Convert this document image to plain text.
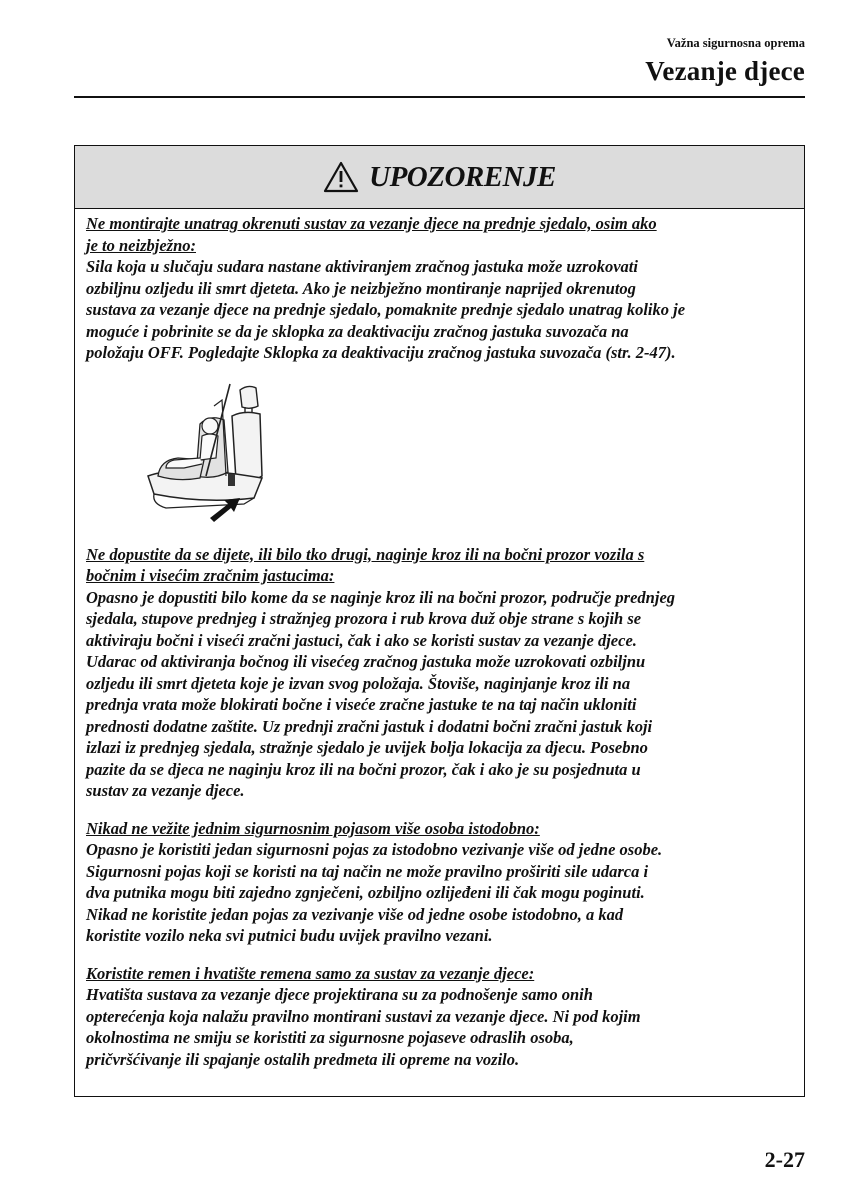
Važna sigurnosna oprema
Vezanje djece
UPOZORENJE
Ne montirajte unatrag okrenuti sustav za vezanje djece na prednje sjedalo, osim ako
je to neizbježno:
Sila koja u slučaju sudara nastane aktiviranjem zračnog jastuka može uzrokovati
ozbiljnu ozljedu ili smrt djeteta. Ako je neizbježno montiranje naprijed okrenutog
sustava za vezanje djece na prednje sjedalo, pomaknite prednje sjedalo unatrag koliko je
moguće i pobrinite se da je sklopka za deaktivaciju zračnog jastuka suvozača na
položaju OFF. Pogledajte Sklopka za deaktivaciju zračnog jastuka suvozača (str. 2-47).
Ne dopustite da se dijete, ili bilo tko drugi, naginje kroz ili na bočni prozor vozila s
bočnim i visećim zračnim jastucima:
Opasno je dopustiti bilo kome da se naginje kroz ili na bočni prozor, područje prednjeg
sjedala, stupove prednjeg i stražnjeg prozora i rub krova duž obje strane s kojih se
aktiviraju bočni i viseći zračni jastuci, čak i ako se koristi sustav za vezanje djece.
Udarac od aktiviranja bočnog ili visećeg zračnog jastuka može uzrokovati ozbiljnu
ozljedu ili smrt djeteta koje je izvan svog položaja. Štoviše, naginjanje kroz ili na
prednja vrata može blokirati bočne i viseće zračne jastuke te na taj način ukloniti
prednosti dodatne zaštite. Uz prednji zračni jastuk i dodatni bočni zračni jastuk koji
izlazi iz prednjeg sjedala, stražnje sjedalo je uvijek bolja lokacija za djecu. Posebno
pazite da se djeca ne naginju kroz ili na bočni prozor, čak i ako je su posjednuta u
sustav za vezanje djece.
Nikad ne vežite jednim sigurnosnim pojasom više osoba istodobno:
Opasno je koristiti jedan sigurnosni pojas za istodobno vezivanje više od jedne osobe.
Sigurnosni pojas koji se koristi na taj način ne može pravilno proširiti sile udarca i
dva putnika mogu biti zajedno zgnječeni, ozbiljno ozlijeđeni ili čak mogu poginuti.
Nikad ne koristite jedan pojas za vezivanje više od jedne osobe istodobno, a kad
koristite vozilo neka svi putnici budu uvijek pravilno vezani.
Koristite remen i hvatište remena samo za sustav za vezanje djece:
Hvatišta sustava za vezanje djece projektirana su za podnošenje samo onih
opterećenja koja nalažu pravilno montirani sustavi za vezanje djece. Ni pod kojim
okolnostima ne smiju se koristiti za sigurnosne pojaseve odraslih osoba,
pričvršćivanje ili spajanje ostalih predmeta ili opreme na vozilo.
2-27
